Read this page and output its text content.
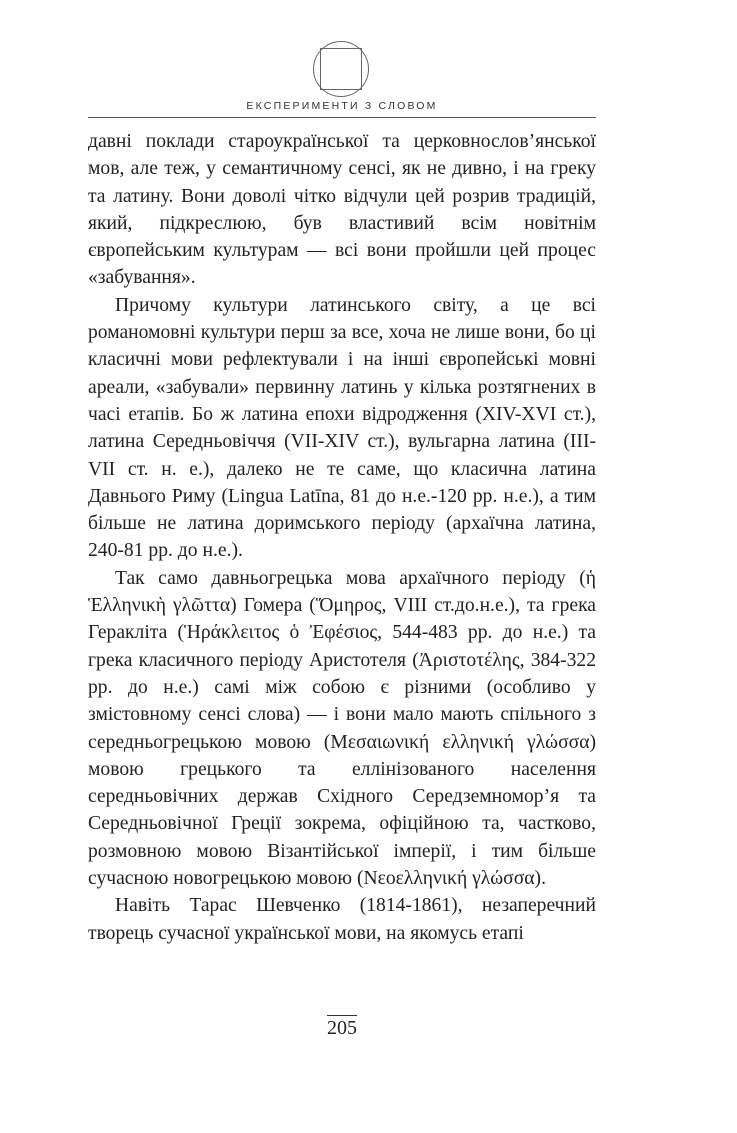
ЕКСПЕРИМЕНТИ З СЛОВОМ

давні поклади староукраїнської та церковнослов’янської мов, але теж, у семантичному сенсі, як не дивно, і на греку та латину. Вони доволі чітко відчули цей розрив традицій, який, підкреслюю, був властивий всім новітнім європейським культурам — всі вони пройшли цей процес «забування».

Причому культури латинського світу, а це всі романомовні культури перш за все, хоча не лише вони, бо ці класичні мови рефлектували і на інші європейські мовні ареали, «забували» первинну латинь у кілька розтягнених в часі етапів. Бо ж латина епохи відродження (XIV-XVI ст.), латина Середньовіччя (VII-XIV ст.), вульгарна латина (III-VII ст. н. е.), далеко не те саме, що класична латина Давнього Риму (Lingua Latīna, 81 до н.е.-120 рр. н.е.), а тим більше не латина доримського періоду (архаїчна латина, 240-81 рр. до н.е.).

Так само давньогрецька мова архаїчного періоду (ἡ Ἑλληνικὴ γλῶττα) Гомера (Ὅμηρος, VIII ст.до.н.е.), та грека Геракліта (Ἡράκλειτος ὁ Ἐφέσιος, 544-483 рр. до н.е.) та грека класичного періоду Аристотеля (Ἀριστοτέλης, 384-322 рр. до н.е.) самі між собою є різними (особливо у змістовному сенсі слова) — і вони мало мають спільного з середньогрецькою мовою (Μεσαιωνική ελληνική γλώσσα) мовою грецького та еллінізованого населення середньовічних держав Східного Середземномор’я та Середньовічної Греції зокрема, офіційною та, частково, розмовною мовою Візантійської імперії, і тим більше сучасною новогрецькою мовою (Νεοελληνική γλώσσα).

Навіть Тарас Шевченко (1814-1861), незаперечний творець сучасної української мови, на якомусь етапі

205
